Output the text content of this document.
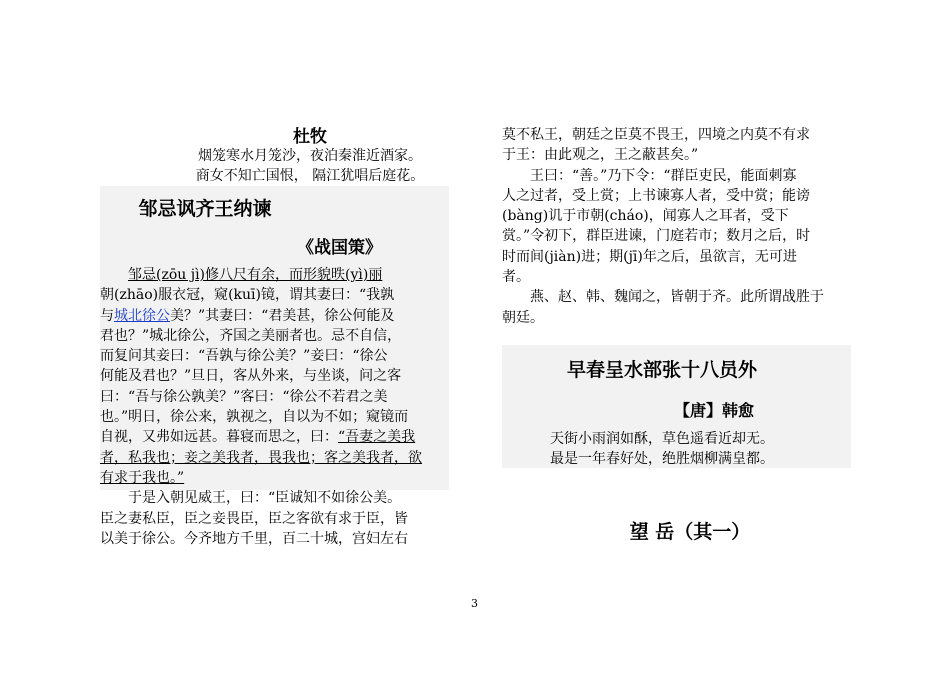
杜牧
烟笼寒水月笼沙，夜泊秦淮近酒家。
商女不知亡国恨， 隔江犹唱后庭花。
邹忌讽齐王纳谏
《战国策》
邹忌(zōu jì)修八尺有余，而形貌昳(yì)丽
朝(zhāo)服衣冠，窥(kuī)镜，谓其妻曰：“我孰
与城北徐公美？”其妻曰：“君美甚，徐公何能及
君也？”城北徐公，齐国之美丽者也。忌不自信，
而复问其妾曰：“吾孰与徐公美？”妾曰：“徐公
何能及君也？”旦日，客从外来，与坐谈，问之客
曰：“吾与徐公孰美？”客曰：“徐公不若君之美
也。”明日，徐公来，孰视之，自以为不如；窥镜而
自视，又弗如远甚。暮寝而思之，曰：“吾妻之美我
者，私我也；妾之美我者，畏我也；客之美我者，欲
有求于我也。”
于是入朝见威王，曰：“臣诚知不如徐公美。
臣之妻私臣，臣之妾畏臣，臣之客欲有求于臣，皆
以美于徐公。今齐地方千里，百二十城，宫妇左右
莫不私王，朝廷之臣莫不畏王，四境之内莫不有求
于王：由此观之，王之蔽甚矣。”
王曰：“善。”乃下令：“群臣吏民，能面刺寡
人之过者，受上赏；上书谏寡人者，受中赏；能谤
(bàng)讥于市朝(cháo)，闻寡人之耳者，受下
赏。”令初下，群臣进谏，门庭若市；数月之后，时
时而间(jiàn)进；期(jī)年之后，虽欲言，无可进
者。
燕、赵、韩、魏闻之，皆朝于齐。此所谓战胜于
朝廷。
早春呈水部张十八员外
【唐】韩愈
天街小雨润如酥，草色遥看近却无。
最是一年春好处，绝胜烟柳满皇都。
望 岳（其一）
3
